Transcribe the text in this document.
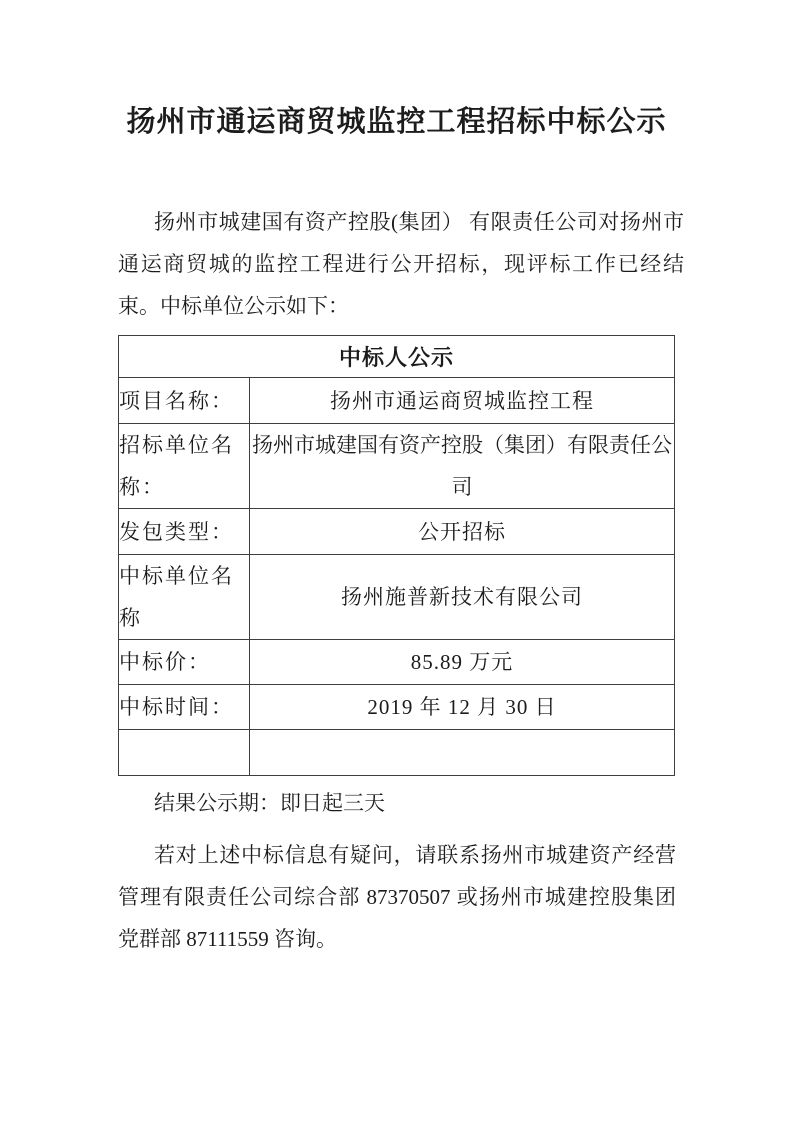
扬州市通运商贸城监控工程招标中标公示
扬州市城建国有资产控股(集团） 有限责任公司对扬州市
通运商贸城的监控工程进行公开招标，现评标工作已经结
束。中标单位公示如下：
中标人公示	
项目名称：	扬州市通运商贸城监控工程
招标单位名称：	扬州市城建国有资产控股（集团）有限责任公司
发包类型：	公开招标
中标单位名称	扬州施普新技术有限公司
中标价：	85.89 万元
中标时间：	2019 年 12 月 30 日

结果公示期：即日起三天
若对上述中标信息有疑问，请联系扬州市城建资产经营
管理有限责任公司综合部 87370507 或扬州市城建控股集团
党群部 87111559 咨询。
